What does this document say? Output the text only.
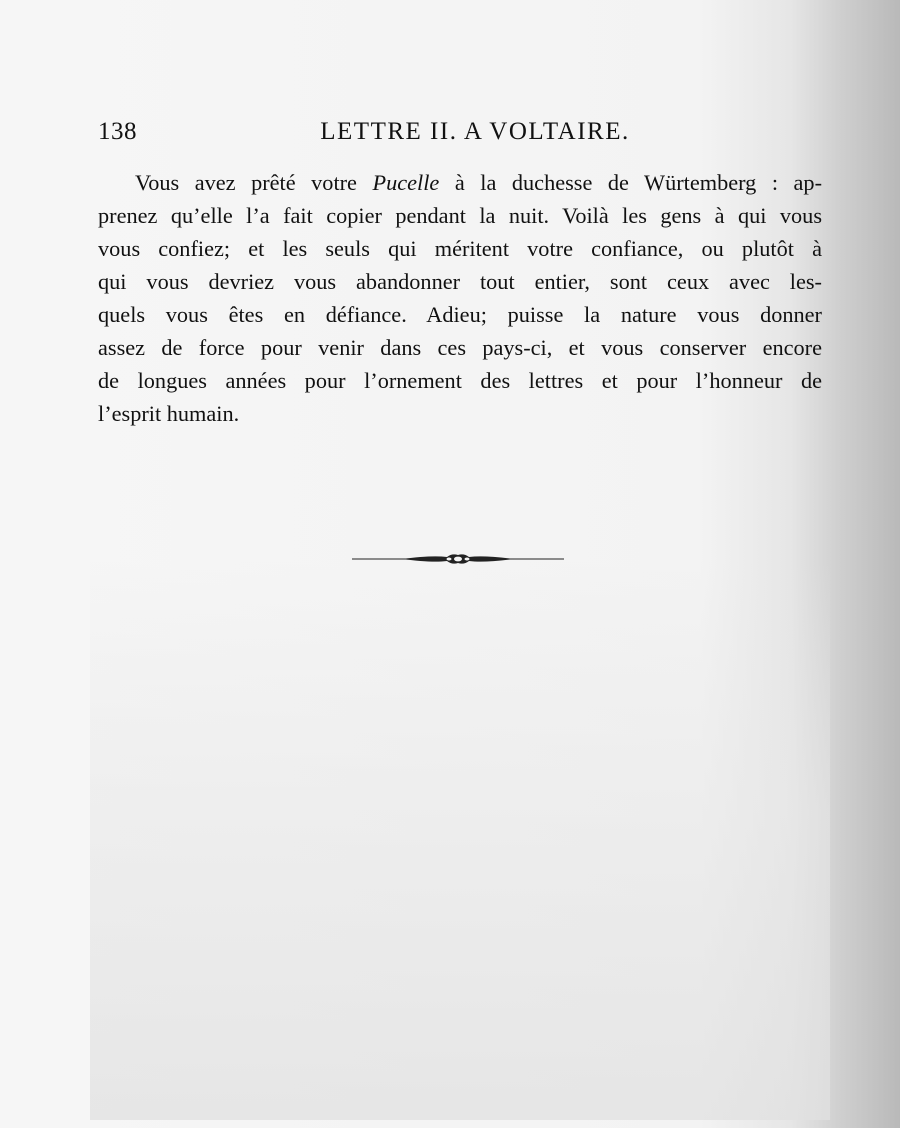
138	LETTRE II. A VOLTAIRE.
Vous avez prêté votre Pucelle à la duchesse de Würtemberg : ap-
prenez qu’elle l’a fait copier pendant la nuit. Voilà les gens à qui vous
vous confiez; et les seuls qui méritent votre confiance, ou plutôt à
qui vous devriez vous abandonner tout entier, sont ceux avec les-
quels vous êtes en défiance. Adieu; puisse la nature vous donner
assez de force pour venir dans ces pays-ci, et vous conserver encore
de longues années pour l’ornement des lettres et pour l’honneur de
l’esprit humain.
